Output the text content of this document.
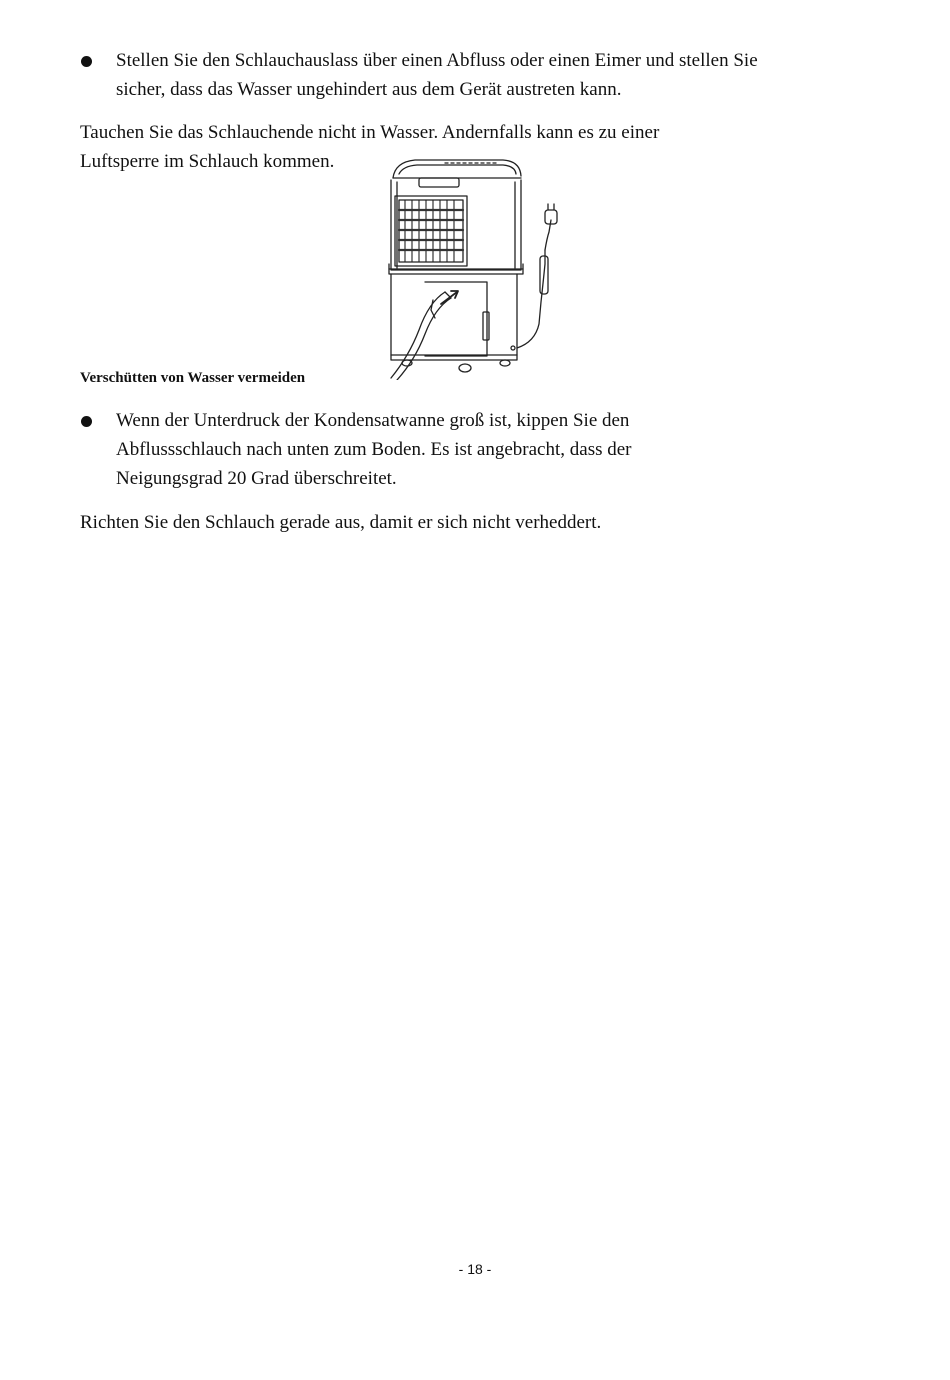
Stellen Sie den Schlauchauslass über einen Abfluss oder einen Eimer und stellen Sie sicher, dass das Wasser ungehindert aus dem Gerät austreten kann.
Tauchen Sie das Schlauchende nicht in Wasser. Andernfalls kann es zu einer
Luftsperre im Schlauch kommen.
Verschütten von Wasser vermeiden
Wenn der Unterdruck der Kondensatwanne groß ist, kippen Sie den
Abflussschlauch nach unten zum Boden. Es ist angebracht, dass der
Neigungsgrad 20 Grad überschreitet.
Richten Sie den Schlauch gerade aus, damit er sich nicht verheddert.
- 18 -
